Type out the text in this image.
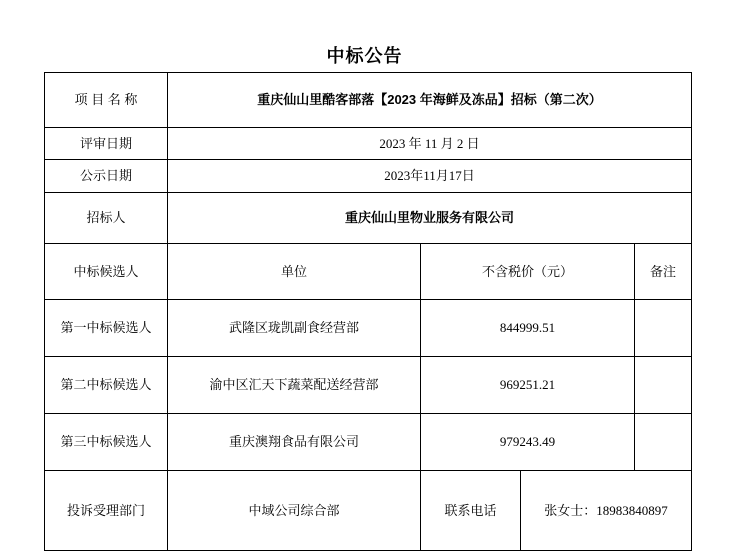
中标公告
项 目 名 称	重庆仙山里酷客部落【2023 年海鲜及冻品】招标（第二次）
评审日期	2023 年 11 月 2 日
公示日期	2023年11月17日
招标人	重庆仙山里物业服务有限公司
中标候选人	单位	不含税价（元）	备注
第一中标候选人	武隆区珑凯副食经营部	844999.51
第二中标候选人	渝中区汇天下蔬菜配送经营部	969251.21
第三中标候选人	重庆澳翔食品有限公司	979243.49
投诉受理部门	中域公司综合部	联系电话	张女士：18983840897
